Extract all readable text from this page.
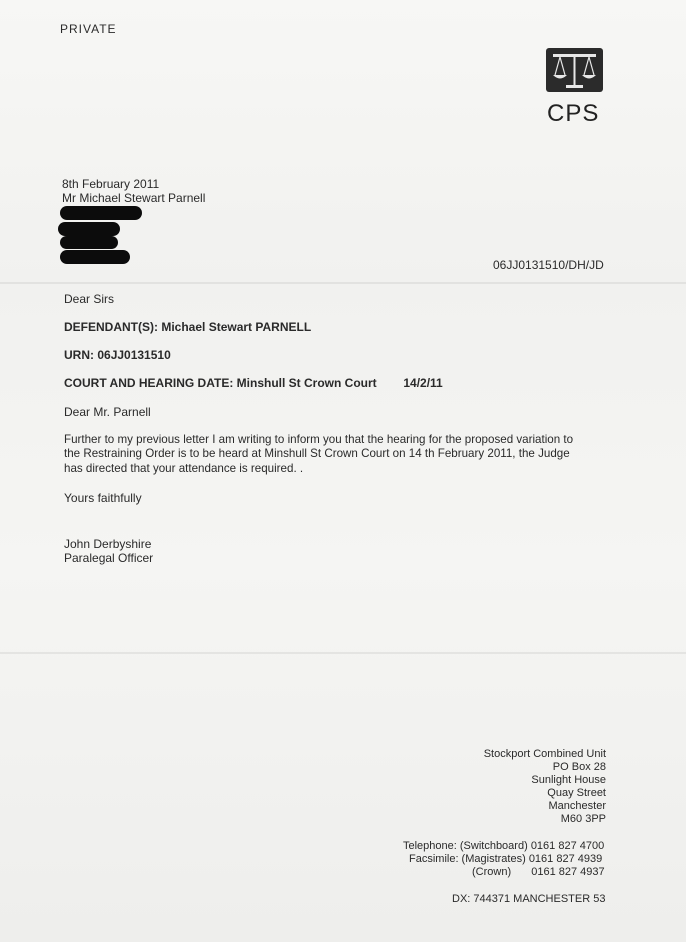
PRIVATE
CPS
8th February 2011
Mr Michael Stewart Parnell
06JJ0131510/DH/JD
Dear Sirs
DEFENDANT(S): Michael Stewart PARNELL
URN: 06JJ0131510
COURT AND HEARING DATE: Minshull St Crown Court 14/2/11
Dear Mr. Parnell
Further to my previous letter I am writing to inform you that the hearing for the proposed variation to
the Restraining Order is to be heard at Minshull St Crown Court on 14 th February 2011, the Judge
has directed that your attendance is required. .
Yours faithfully
John Derbyshire
Paralegal Officer
Stockport Combined Unit
PO Box 28
Sunlight House
Quay Street
Manchester
M60 3PP
Telephone: (Switchboard) 0161 827 4700
Facsimile: (Magistrates) 0161 827 4939
(Crown) 0161 827 4937
DX: 744371 MANCHESTER 53
